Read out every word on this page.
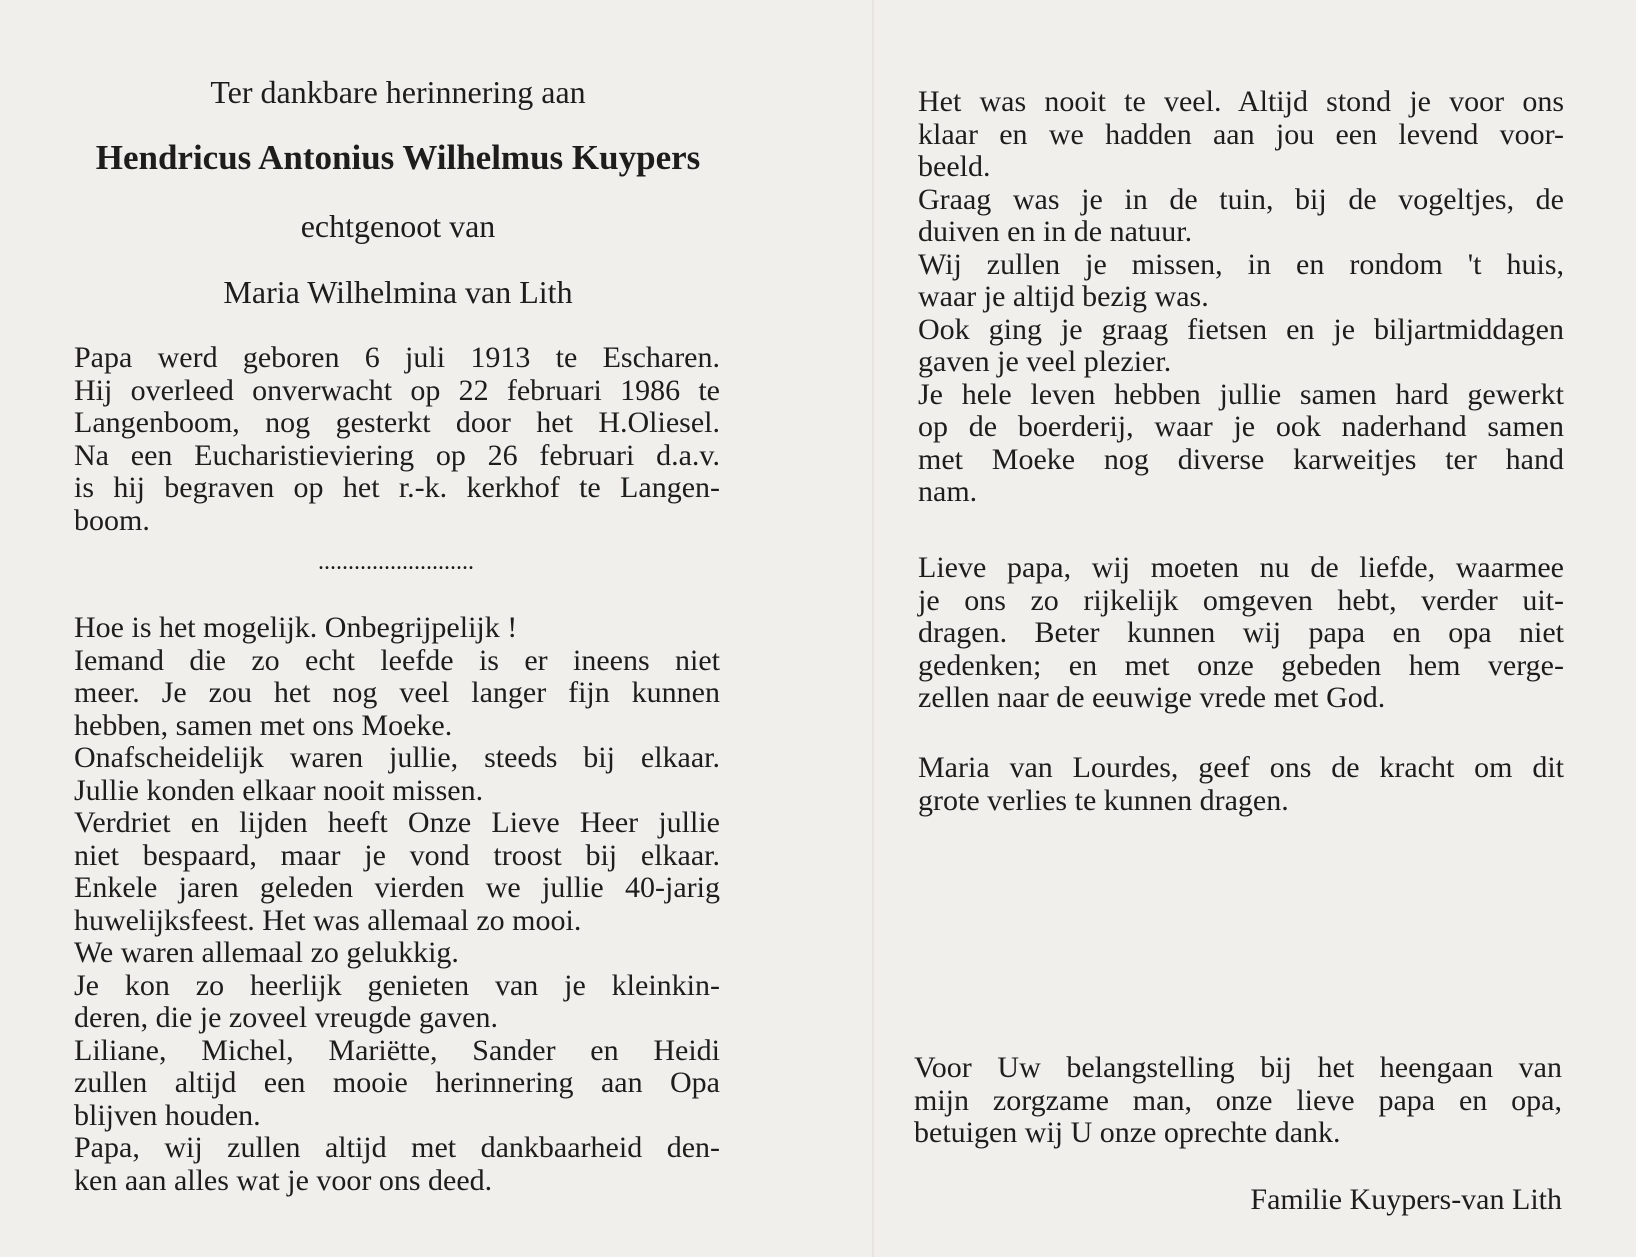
Ter dankbare herinnering aan

Hendricus Antonius Wilhelmus Kuypers

echtgenoot van

Maria Wilhelmina van Lith

Papa werd geboren 6 juli 1913 te Escharen.
Hij overleed onverwacht op 22 februari 1986 te
Langenboom, nog gesterkt door het H.Oliesel.
Na een Eucharistieviering op 26 februari d.a.v.
is hij begraven op het r.-k. kerkhof te Langen-
boom.
..........................
Hoe is het mogelijk. Onbegrijpelijk !
Iemand die zo echt leefde is er ineens niet
meer. Je zou het nog veel langer fijn kunnen
hebben, samen met ons Moeke.
Onafscheidelijk waren jullie, steeds bij elkaar.
Jullie konden elkaar nooit missen.
Verdriet en lijden heeft Onze Lieve Heer jullie
niet bespaard, maar je vond troost bij elkaar.
Enkele jaren geleden vierden we jullie 40-jarig
huwelijksfeest. Het was allemaal zo mooi.
We waren allemaal zo gelukkig.
Je kon zo heerlijk genieten van je kleinkin-
deren, die je zoveel vreugde gaven.
Liliane, Michel, Mariëtte, Sander en Heidi
zullen altijd een mooie herinnering aan Opa
blijven houden.
Papa, wij zullen altijd met dankbaarheid den-
ken aan alles wat je voor ons deed.
Het was nooit te veel. Altijd stond je voor ons
klaar en we hadden aan jou een levend voor-
beeld.
Graag was je in de tuin, bij de vogeltjes, de
duiven en in de natuur.
Wij zullen je missen, in en rondom 't huis,
waar je altijd bezig was.
Ook ging je graag fietsen en je biljartmiddagen
gaven je veel plezier.
Je hele leven hebben jullie samen hard gewerkt
op de boerderij, waar je ook naderhand samen
met Moeke nog diverse karweitjes ter hand
nam.
Lieve papa, wij moeten nu de liefde, waarmee
je ons zo rijkelijk omgeven hebt, verder uit-
dragen. Beter kunnen wij papa en opa niet
gedenken; en met onze gebeden hem verge-
zellen naar de eeuwige vrede met God.
Maria van Lourdes, geef ons de kracht om dit
grote verlies te kunnen dragen.
Voor Uw belangstelling bij het heengaan van
mijn zorgzame man, onze lieve papa en opa,
betuigen wij U onze oprechte dank.

Familie Kuypers-van Lith
